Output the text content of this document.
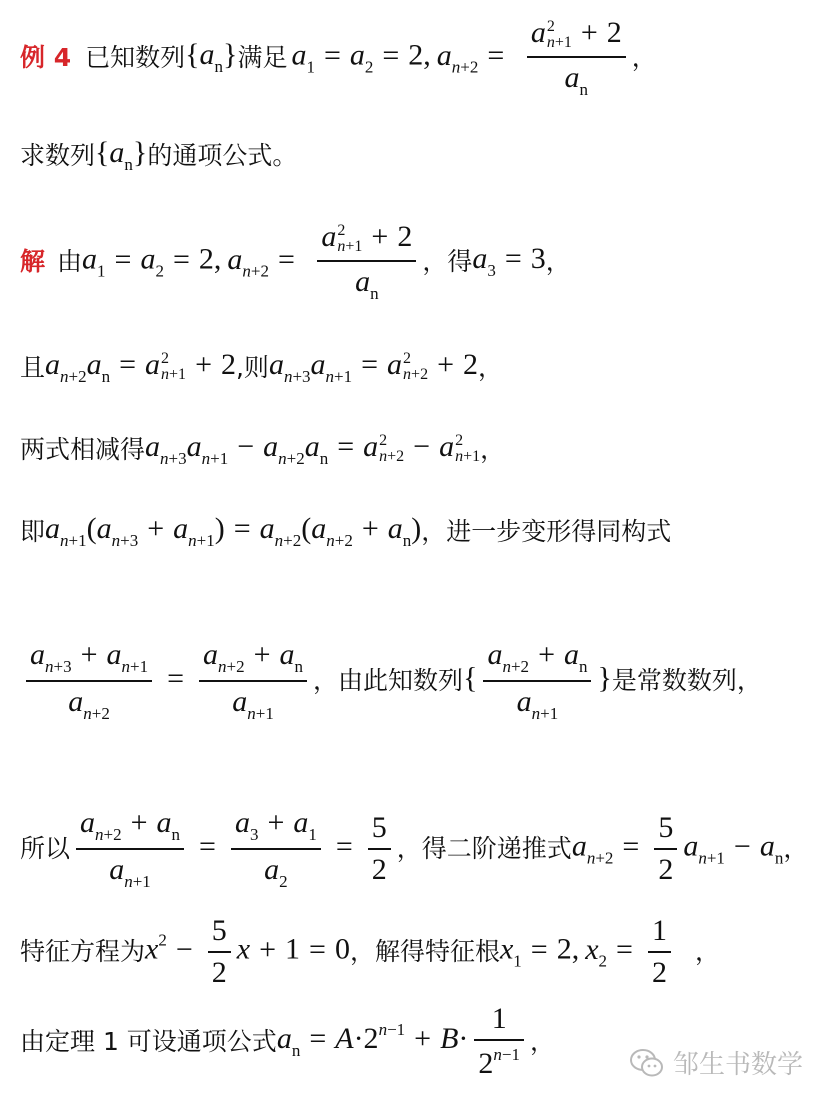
例 4 已知数列 $\{a_n\}$ 满足 $a_1 = a_2 = 2$, $a_{n+2} = a$ 2
n+1 + 2
$a_n$ ，
求数列 $\{a_n\}$ 的通项公式。
解 由 $a_1 = a_2 = 2$, $a_{n+2} = a$ 2
n+1 + 2
$a_n$ ，得 $a_3 = 3$ ，
且 $a_{n+2}a_n = a$ 2
n+1 + 2 ,则 $a_{n+3}a_{n+1} = a$ 2
n+2 + 2 ，
两式相减得 $a_{n+3}a_{n+1} - a_{n+2}a_n = a$ 2
n+2 − a 2
n+1 ，
即 $a_{n+1}(a_{n+3} + a_{n+1}) = a_{n+2}(a_{n+2} + a_n)$ ，进一步变形得同构式
$\frac{a_{n+3} + a_{n+1}}{a_{n+2}} = \frac{a_{n+2} + a_n}{a_{n+1}}$ ，由此知数列 { $\frac{a_{n+2} + a_n}{a_{n+1}}$ } 是常数数列，
所以 $\frac{a_{n+2} + a_n}{a_{n+1}} = \frac{a_3 + a_1}{a_2} = \frac{5}{2}$ ，得二阶递推式 $a_{n+2} = \frac{5}{2} a_{n+1} - a_n$ ，
特征方程为 $x^2 - \frac{5}{2}$ x + 1 = 0 ，解得特征根 $x_1 = 2$, $x_2 = \frac{1}{2}$ ，
由定理 1 可设通项公式 $a_n = A\cdot 2^{n-1} + B\cdot \frac{1}{2^{n-1}}$ ，
邹生书数学
